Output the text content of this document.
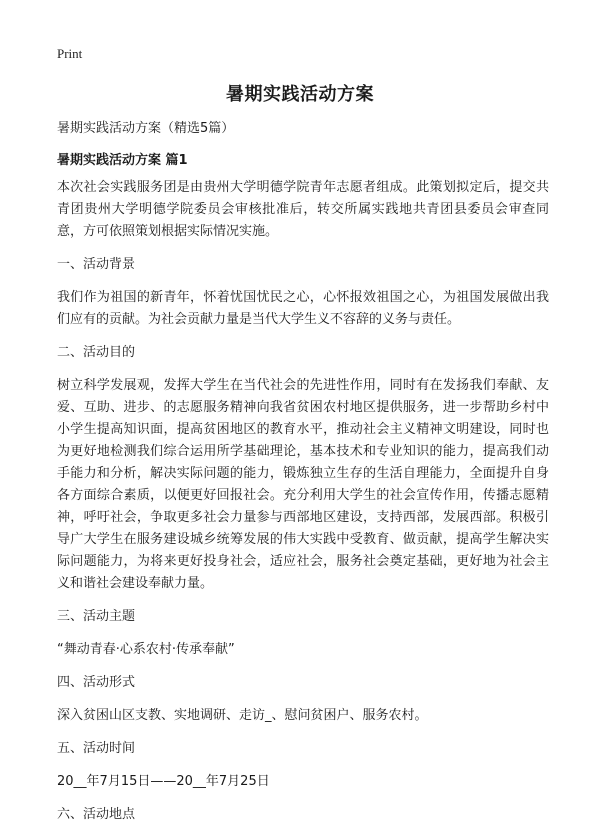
Print
暑期实践活动方案

暑期实践活动方案（精选5篇）

暑期实践活动方案 篇1

本次社会实践服务团是由贵州大学明德学院青年志愿者组成。此策划拟定后，提交共青团贵州大学明德学院委员会审核批准后，转交所属实践地共青团县委员会审查同意，方可依照策划根据实际情况实施。

一、活动背景

我们作为祖国的新青年，怀着忧国忧民之心，心怀报效祖国之心，为祖国发展做出我们应有的贡献。为社会贡献力量是当代大学生义不容辞的义务与责任。

二、活动目的

树立科学发展观，发挥大学生在当代社会的先进性作用，同时有在发扬我们奉献、友爱、互助、进步、的志愿服务精神向我省贫困农村地区提供服务，进一步帮助乡村中小学生提高知识面，提高贫困地区的教育水平，推动社会主义精神文明建设，同时也为更好地检测我们综合运用所学基础理论，基本技术和专业知识的能力，提高我们动手能力和分析，解决实际问题的能力，锻炼独立生存的生活自理能力，全面提升自身各方面综合素质，以便更好回报社会。充分利用大学生的社会宣传作用，传播志愿精神，呼吁社会，争取更多社会力量参与西部地区建设，支持西部，发展西部。积极引导广大学生在服务建设城乡统筹发展的伟大实践中受教育、做贡献，提高学生解决实际问题能力，为将来更好投身社会，适应社会，服务社会奠定基础，更好地为社会主义和谐社会建设奉献力量。

三、活动主题

“舞动青春·心系农村·传承奉献”

四、活动形式

深入贫困山区支教、实地调研、走访_、慰问贫困户、服务农村。

五、活动时间

20__年7月15日——20__年7月25日

六、活动地点
